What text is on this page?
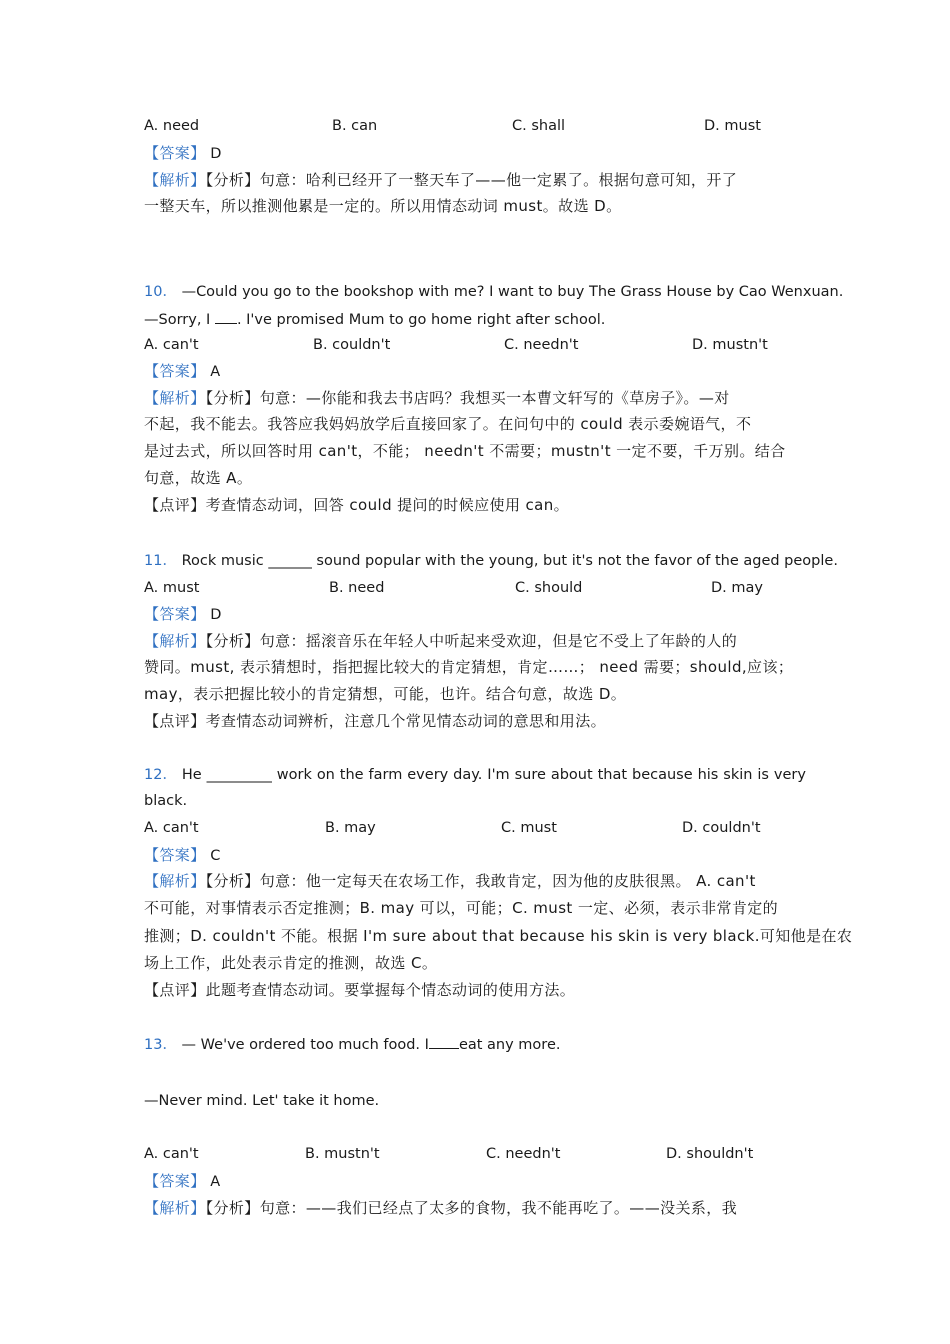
A. need	B. can	C. shall	D. must
【答案】 D
【解析】【分析】句意：哈利已经开了一整天车了——他一定累了。根据句意可知，开了
一整天车，所以推测他累是一定的。所以用情态动词 must。故选 D。
10． —Could you go to the bookshop with me? I want to buy The Grass House by Cao Wenxuan.
—Sorry, I . I've promised Mum to go home right after school.
A. can't	B. couldn't	C. needn't	D. mustn't
【答案】 A
【解析】【分析】句意：—你能和我去书店吗？我想买一本曹文轩写的《草房子》。—对
不起，我不能去。我答应我妈妈放学后直接回家了。在问句中的 could 表示委婉语气，不
是过去式，所以回答时用 can't，不能； needn't 不需要；mustn't 一定不要，千万别。结合
句意，故选 A。
【点评】考查情态动词，回答 could 提问的时候应使用 can。
11． Rock music ______ sound popular with the young, but it's not the favor of the aged people.
A. must	B. need	C. should	D. may
【答案】 D
【解析】【分析】句意：摇滚音乐在年轻人中听起来受欢迎，但是它不受上了年龄的人的
赞同。must, 表示猜想时，指把握比较大的肯定猜想，肯定……； need 需要；should,应该；
may，表示把握比较小的肯定猜想，可能，也许。结合句意，故选 D。
【点评】考查情态动词辨析，注意几个常见情态动词的意思和用法。
12． He _________ work on the farm every day. I'm sure about that because his skin is very
black.
A. can't	B. may	C. must	D. couldn't
【答案】 C
【解析】【分析】句意：他一定每天在农场工作，我敢肯定，因为他的皮肤很黑。 A. can't
不可能，对事情表示否定推测；B. may 可以，可能；C. must 一定、必须，表示非常肯定的
推测；D. couldn't 不能。根据 I'm sure about that because his skin is very black.可知他是在农
场上工作，此处表示肯定的推测，故选 C。
【点评】此题考查情态动词。要掌握每个情态动词的使用方法。
13． — We've ordered too much food. I eat any more.
—Never mind. Let' take it home.
A. can't	B. mustn't	C. needn't	D. shouldn't
【答案】 A
【解析】【分析】句意：——我们已经点了太多的食物，我不能再吃了。——没关系，我
